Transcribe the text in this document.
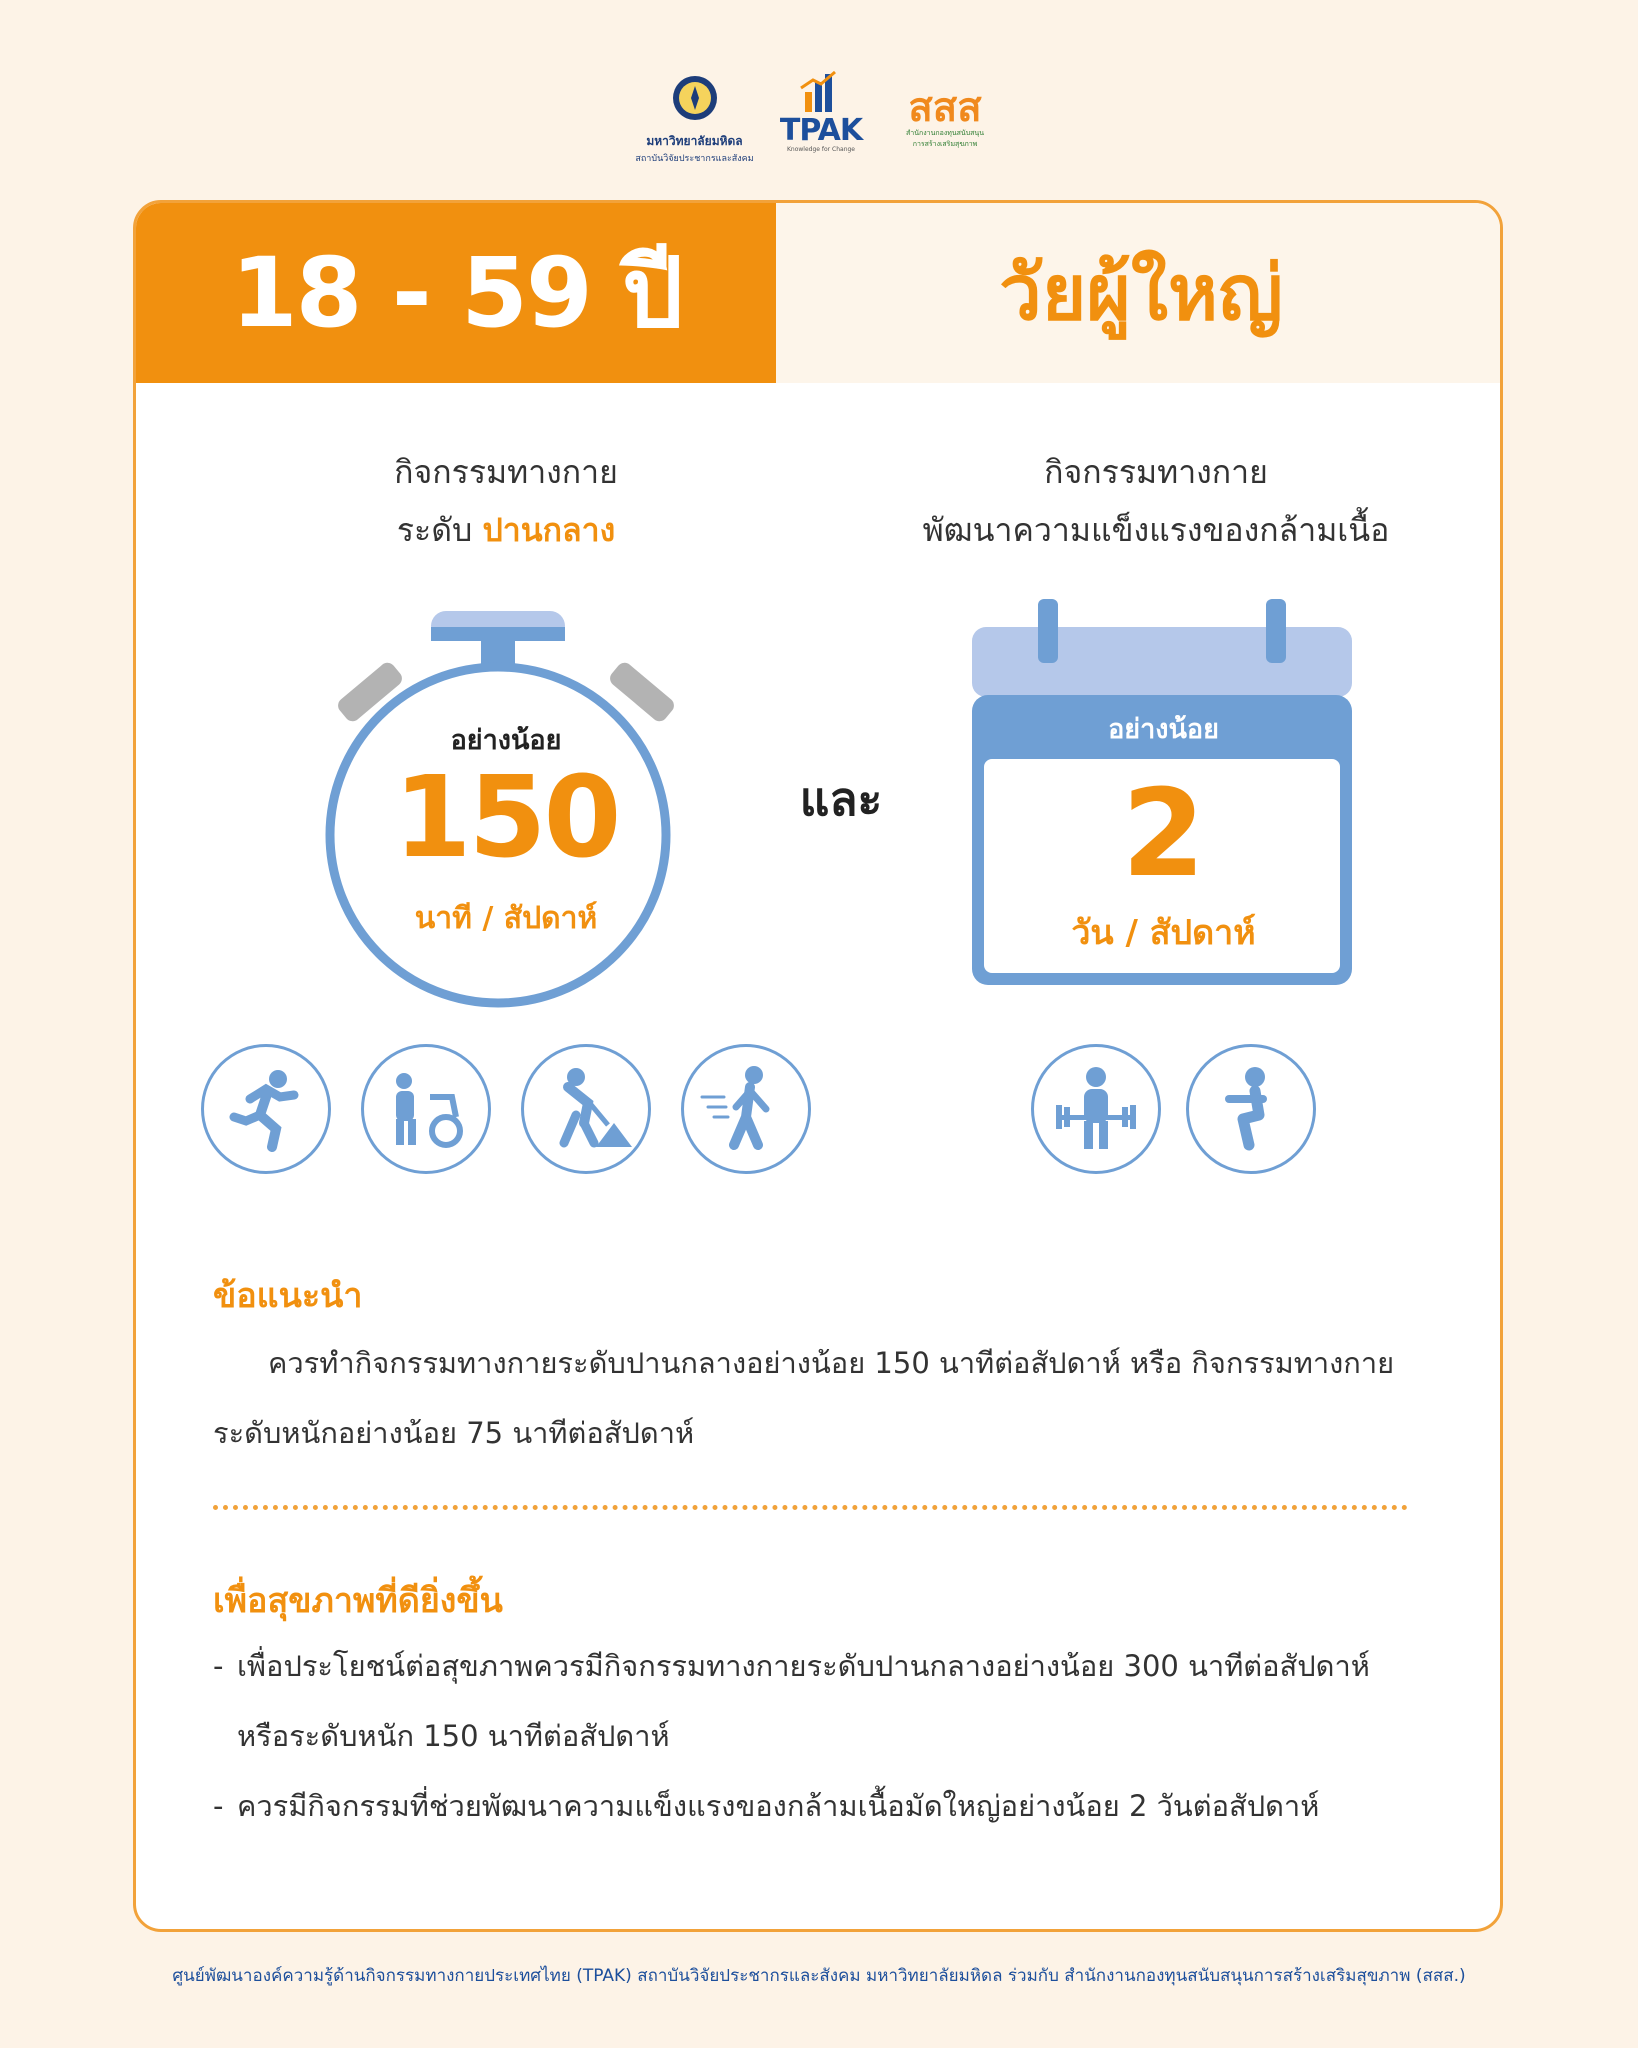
มหาวิทยาลัยมหิดล
สถาบันวิจัยประชากรและสังคม
TPAK
Knowledge for Change
สสส
สำนักงานกองทุนสนับสนุน
การสร้างเสริมสุขภาพ
18 - 59 ปี	วัยผู้ใหญ่
กิจกรรมทางกาย
ระดับ ปานกลาง
กิจกรรมทางกาย
พัฒนาความแข็งแรงของกล้ามเนื้อ
อย่างน้อย
150
นาที / สัปดาห์
และ
อย่างน้อย
2
วัน / สัปดาห์
ข้อแนะนำ
ควรทำกิจกรรมทางกายระดับปานกลางอย่างน้อย 150 นาทีต่อสัปดาห์ หรือ กิจกรรมทางกายระดับหนักอย่างน้อย 75 นาทีต่อสัปดาห์
เพื่อสุขภาพที่ดียิ่งขึ้น
- เพื่อประโยชน์ต่อสุขภาพควรมีกิจกรรมทางกายระดับปานกลางอย่างน้อย 300 นาทีต่อสัปดาห์ หรือระดับหนัก 150 นาทีต่อสัปดาห์
- ควรมีกิจกรรมที่ช่วยพัฒนาความแข็งแรงของกล้ามเนื้อมัดใหญ่อย่างน้อย 2 วันต่อสัปดาห์
ศูนย์พัฒนาองค์ความรู้ด้านกิจกรรมทางกายประเทศไทย (TPAK) สถาบันวิจัยประชากรและสังคม มหาวิทยาลัยมหิดล ร่วมกับ สำนักงานกองทุนสนับสนุนการสร้างเสริมสุขภาพ (สสส.)
